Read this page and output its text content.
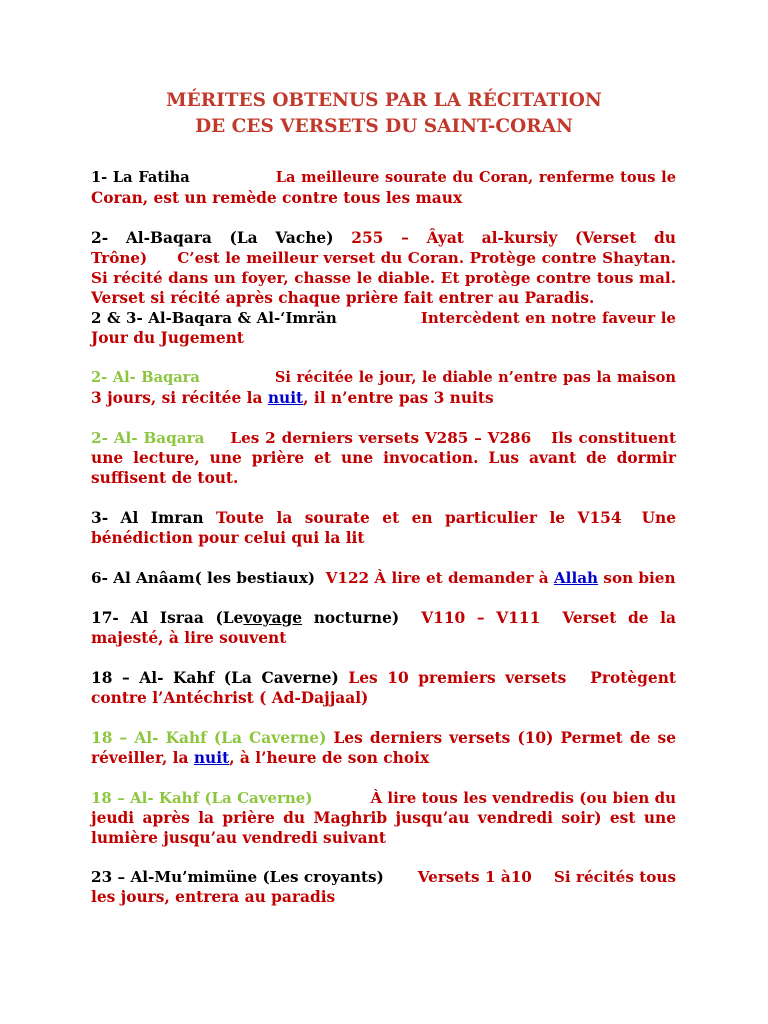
MÉRITES OBTENUS PAR LA RÉCITATION
DE CES VERSETS DU SAINT-CORAN
1- La Fatiha	La meilleure sourate du Coran, renferme tous le
Coran, est un remède contre tous les maux
2- Al-Baqara (La Vache) 255 – Âyat al-kursiy (Verset du
Trône) C’est le meilleur verset du Coran. Protège contre Shaytan.
Si récité dans un foyer, chasse le diable. Et protège contre tous mal.
Verset si récité après chaque prière fait entrer au Paradis.
2 & 3- Al-Baqara & Al-‘Imrän	Intercèdent en notre faveur le
Jour du Jugement
2- Al- Baqara	Si récitée le jour, le diable n’entre pas la maison
3 jours, si récitée la nuit, il n’entre pas 3 nuits
2- Al- Baqara Les 2 derniers versets V285 – V286 Ils constituent
une lecture, une prière et une invocation. Lus avant de dormir
suffisent de tout.
3- Al Imran Toute la sourate et en particulier le V154 Une
bénédiction pour celui qui la lit
6- Al Anâam( les bestiaux) V122 À lire et demander à Allah son bien
17- Al Israa (Levoyage nocturne) V110 – V111 Verset de la
majesté, à lire souvent
18 – Al- Kahf (La Caverne) Les 10 premiers versets Protègent
contre l’Antéchrist ( Ad-Dajjaal)
18 – Al- Kahf (La Caverne) Les derniers versets (10) Permet de se
réveiller, la nuit, à l’heure de son choix
18 – Al- Kahf (La Caverne)	À lire tous les vendredis (ou bien du
jeudi après la prière du Maghrib jusqu’au vendredi soir) est une
lumière jusqu’au vendredi suivant
23 – Al-Mu’mimüne (Les croyants) Versets 1 à10 Si récités tous
les jours, entrera au paradis
